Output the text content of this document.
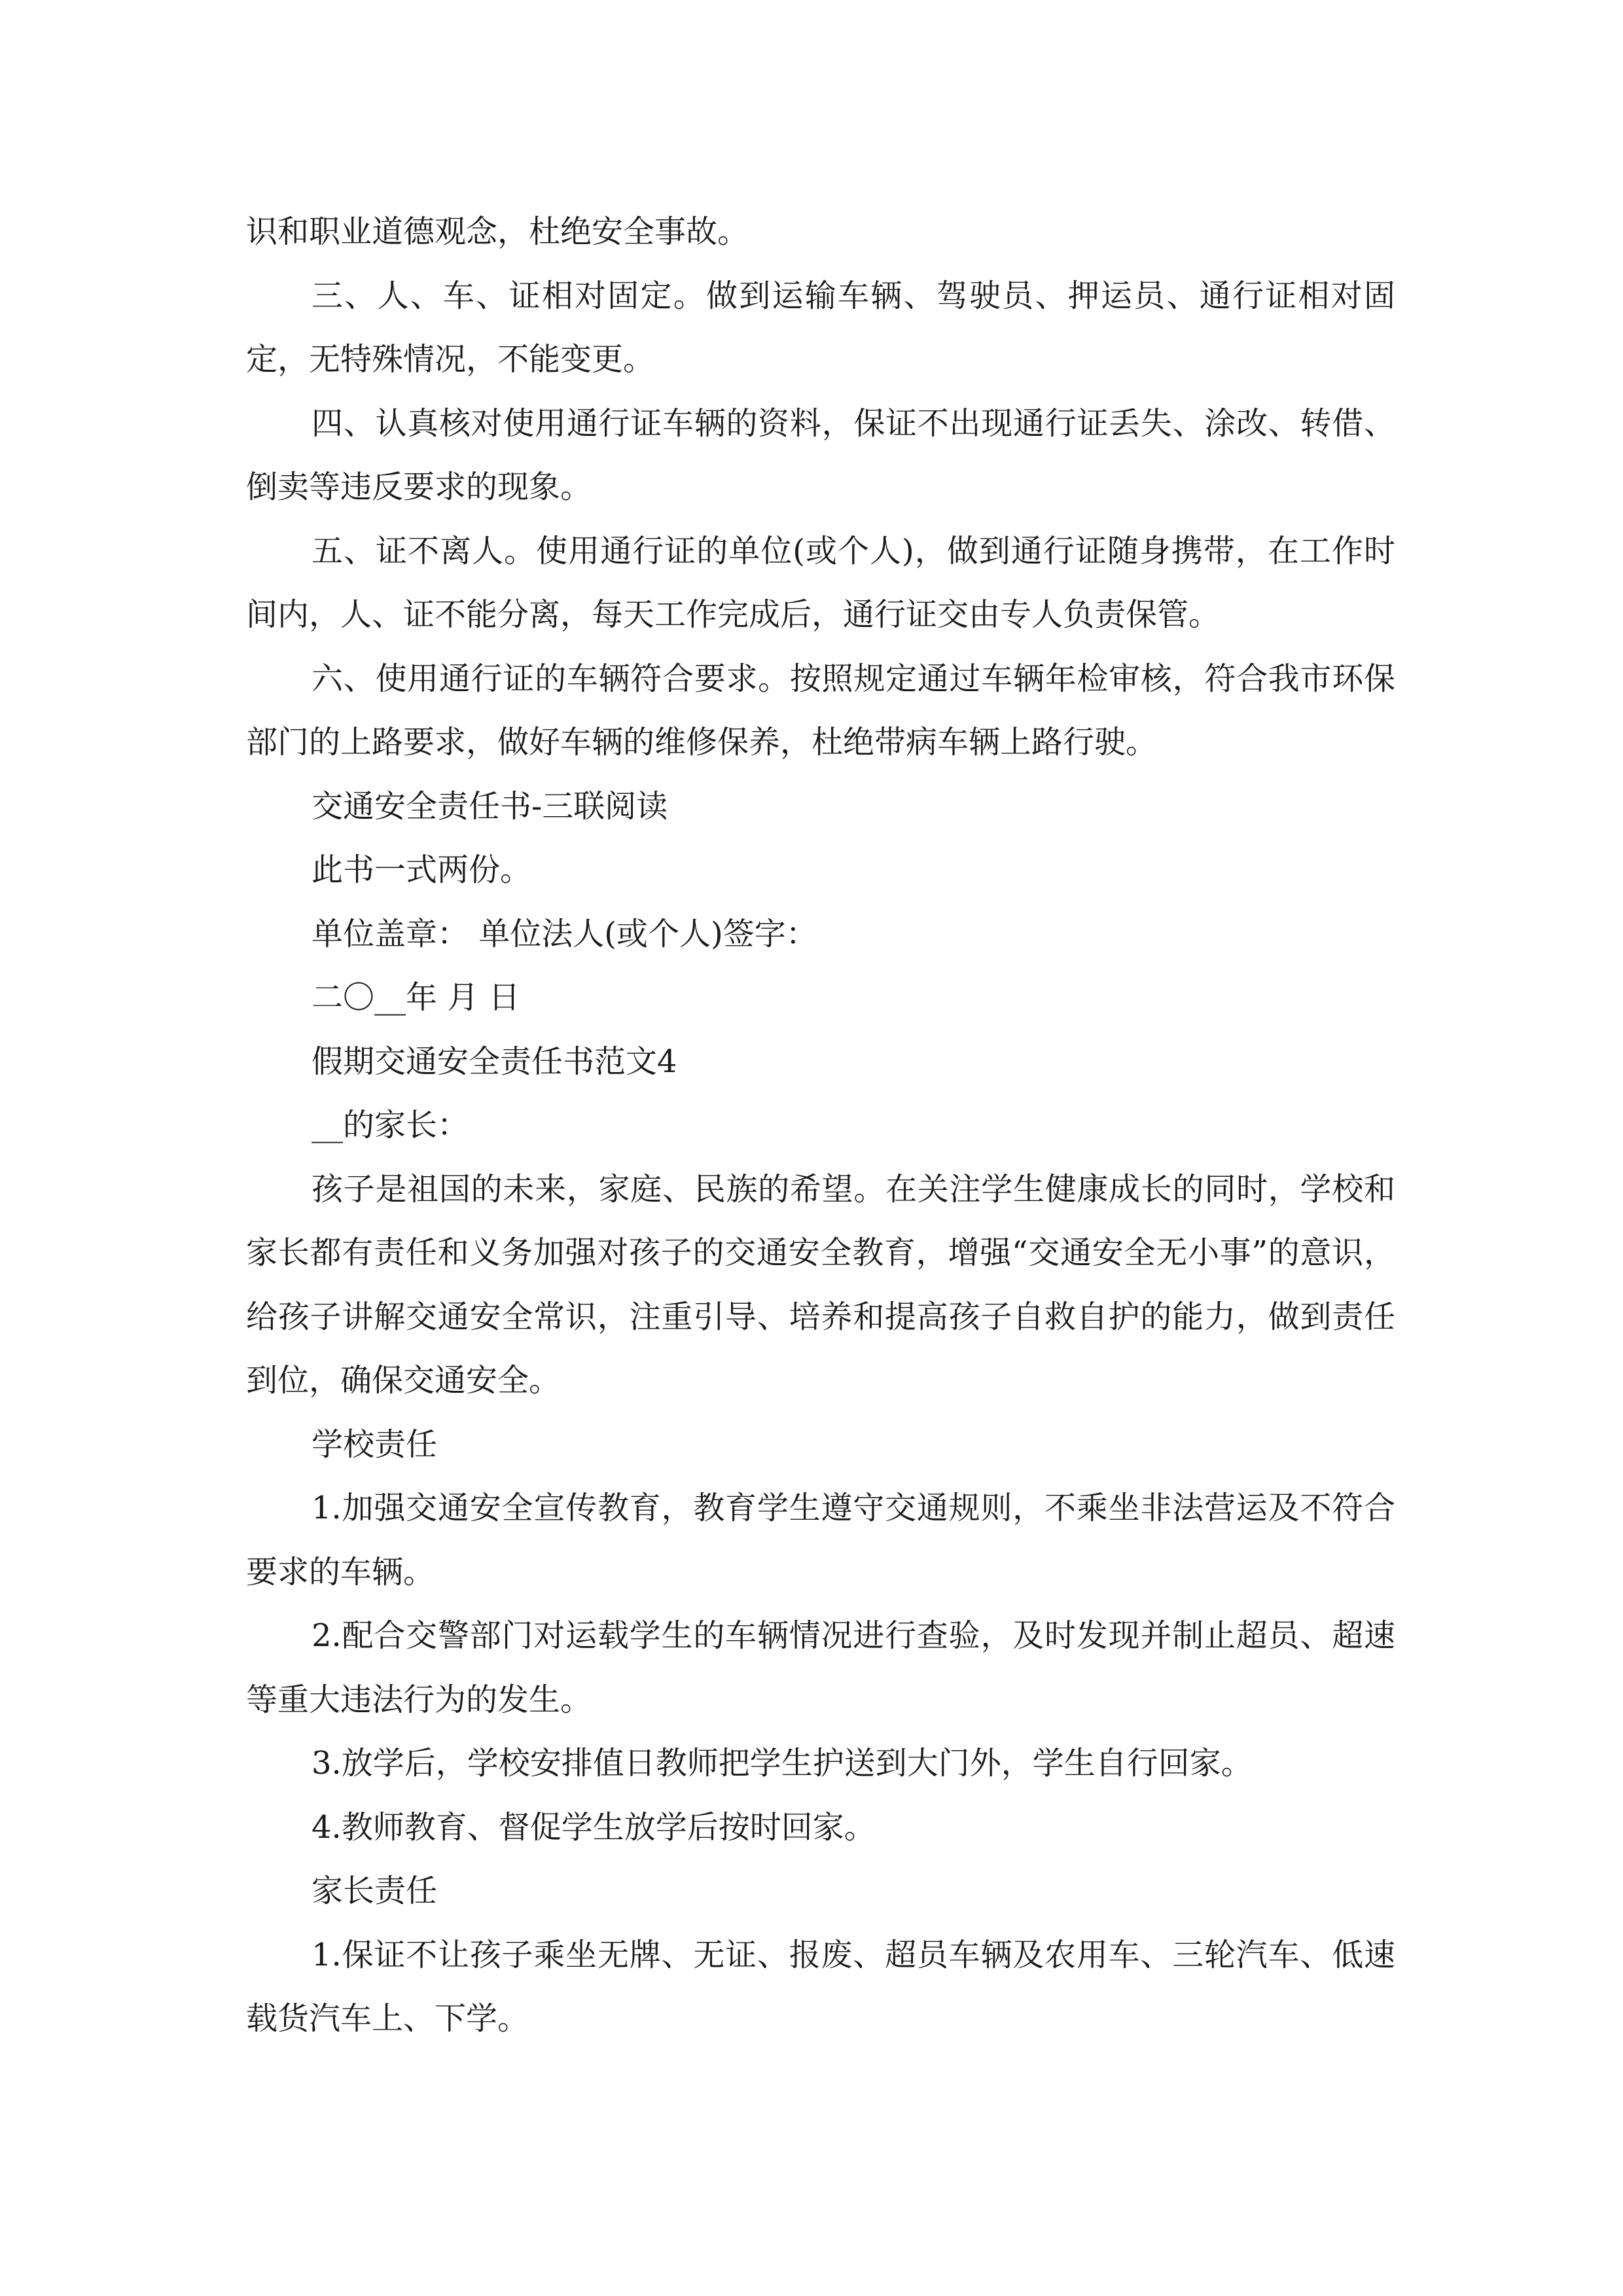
识和职业道德观念，杜绝安全事故。

三、人、车、证相对固定。做到运输车辆、驾驶员、押运员、通行证相对固定，无特殊情况，不能变更。

四、认真核对使用通行证车辆的资料，保证不出现通行证丢失、涂改、转借、倒卖等违反要求的现象。

五、证不离人。使用通行证的单位(或个人)，做到通行证随身携带，在工作时间内，人、证不能分离，每天工作完成后，通行证交由专人负责保管。

六、使用通行证的车辆符合要求。按照规定通过车辆年检审核，符合我市环保部门的上路要求，做好车辆的维修保养，杜绝带病车辆上路行驶。

交通安全责任书-三联阅读

此书一式两份。

单位盖章： 单位法人(或个人)签字：

二〇__年 月 日

假期交通安全责任书范文4

__的家长：

孩子是祖国的未来，家庭、民族的希望。在关注学生健康成长的同时，学校和家长都有责任和义务加强对孩子的交通安全教育，增强“交通安全无小事”的意识，给孩子讲解交通安全常识，注重引导、培养和提高孩子自救自护的能力，做到责任到位，确保交通安全。

学校责任

1.加强交通安全宣传教育，教育学生遵守交通规则，不乘坐非法营运及不符合要求的车辆。

2.配合交警部门对运载学生的车辆情况进行查验，及时发现并制止超员、超速等重大违法行为的发生。

3.放学后，学校安排值日教师把学生护送到大门外，学生自行回家。

4.教师教育、督促学生放学后按时回家。

家长责任

1.保证不让孩子乘坐无牌、无证、报废、超员车辆及农用车、三轮汽车、低速载货汽车上、下学。
